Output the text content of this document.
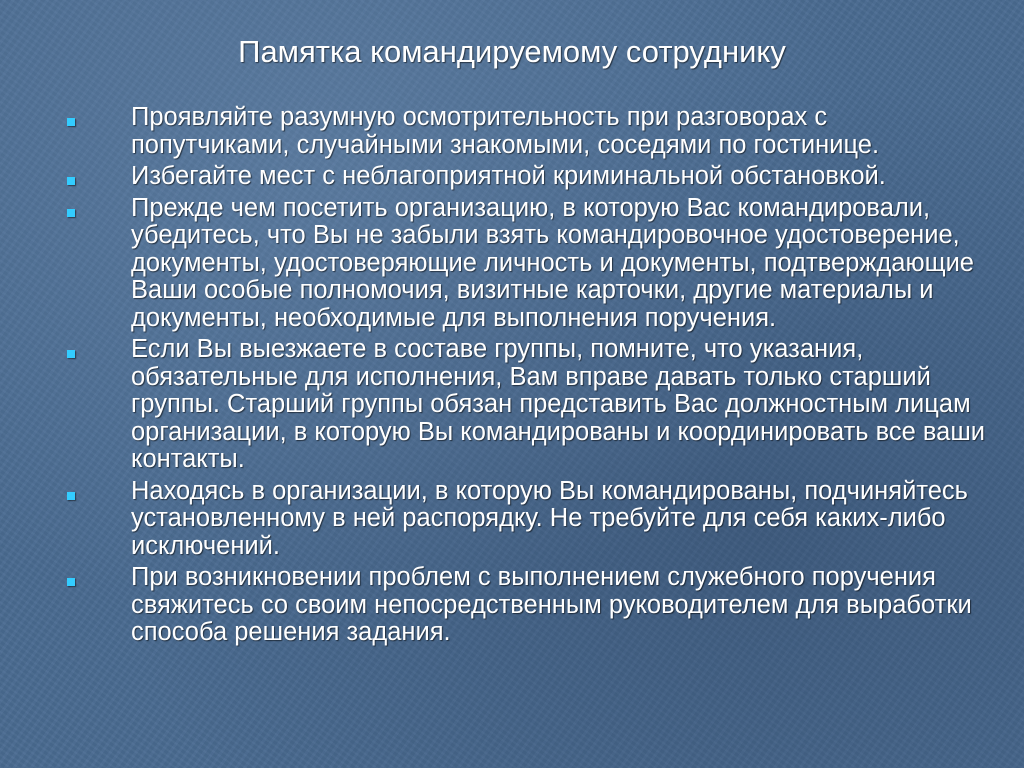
Памятка командируемому сотруднику
Проявляйте разумную осмотрительность при разговорах с попутчиками, случайными знакомыми, соседями по гостинице.
Избегайте мест с неблагоприятной криминальной обстановкой.
Прежде чем посетить организацию, в которую Вас командировали, убедитесь, что Вы не забыли взять командировочное удостоверение, документы, удостоверяющие личность и документы, подтверждающие Ваши особые полномочия, визитные карточки, другие материалы и документы, необходимые для выполнения поручения.
Если Вы выезжаете в составе группы, помните, что указания, обязательные для исполнения, Вам вправе давать только старший группы. Старший группы обязан представить Вас должностным лицам организации, в которую Вы командированы и координировать все ваши контакты.
Находясь в организации, в которую Вы командированы, подчиняйтесь установленному в ней распорядку. Не требуйте для себя каких-либо исключений.
При возникновении проблем с выполнением служебного поручения свяжитесь со своим непосредственным руководителем для выработки способа решения задания.
